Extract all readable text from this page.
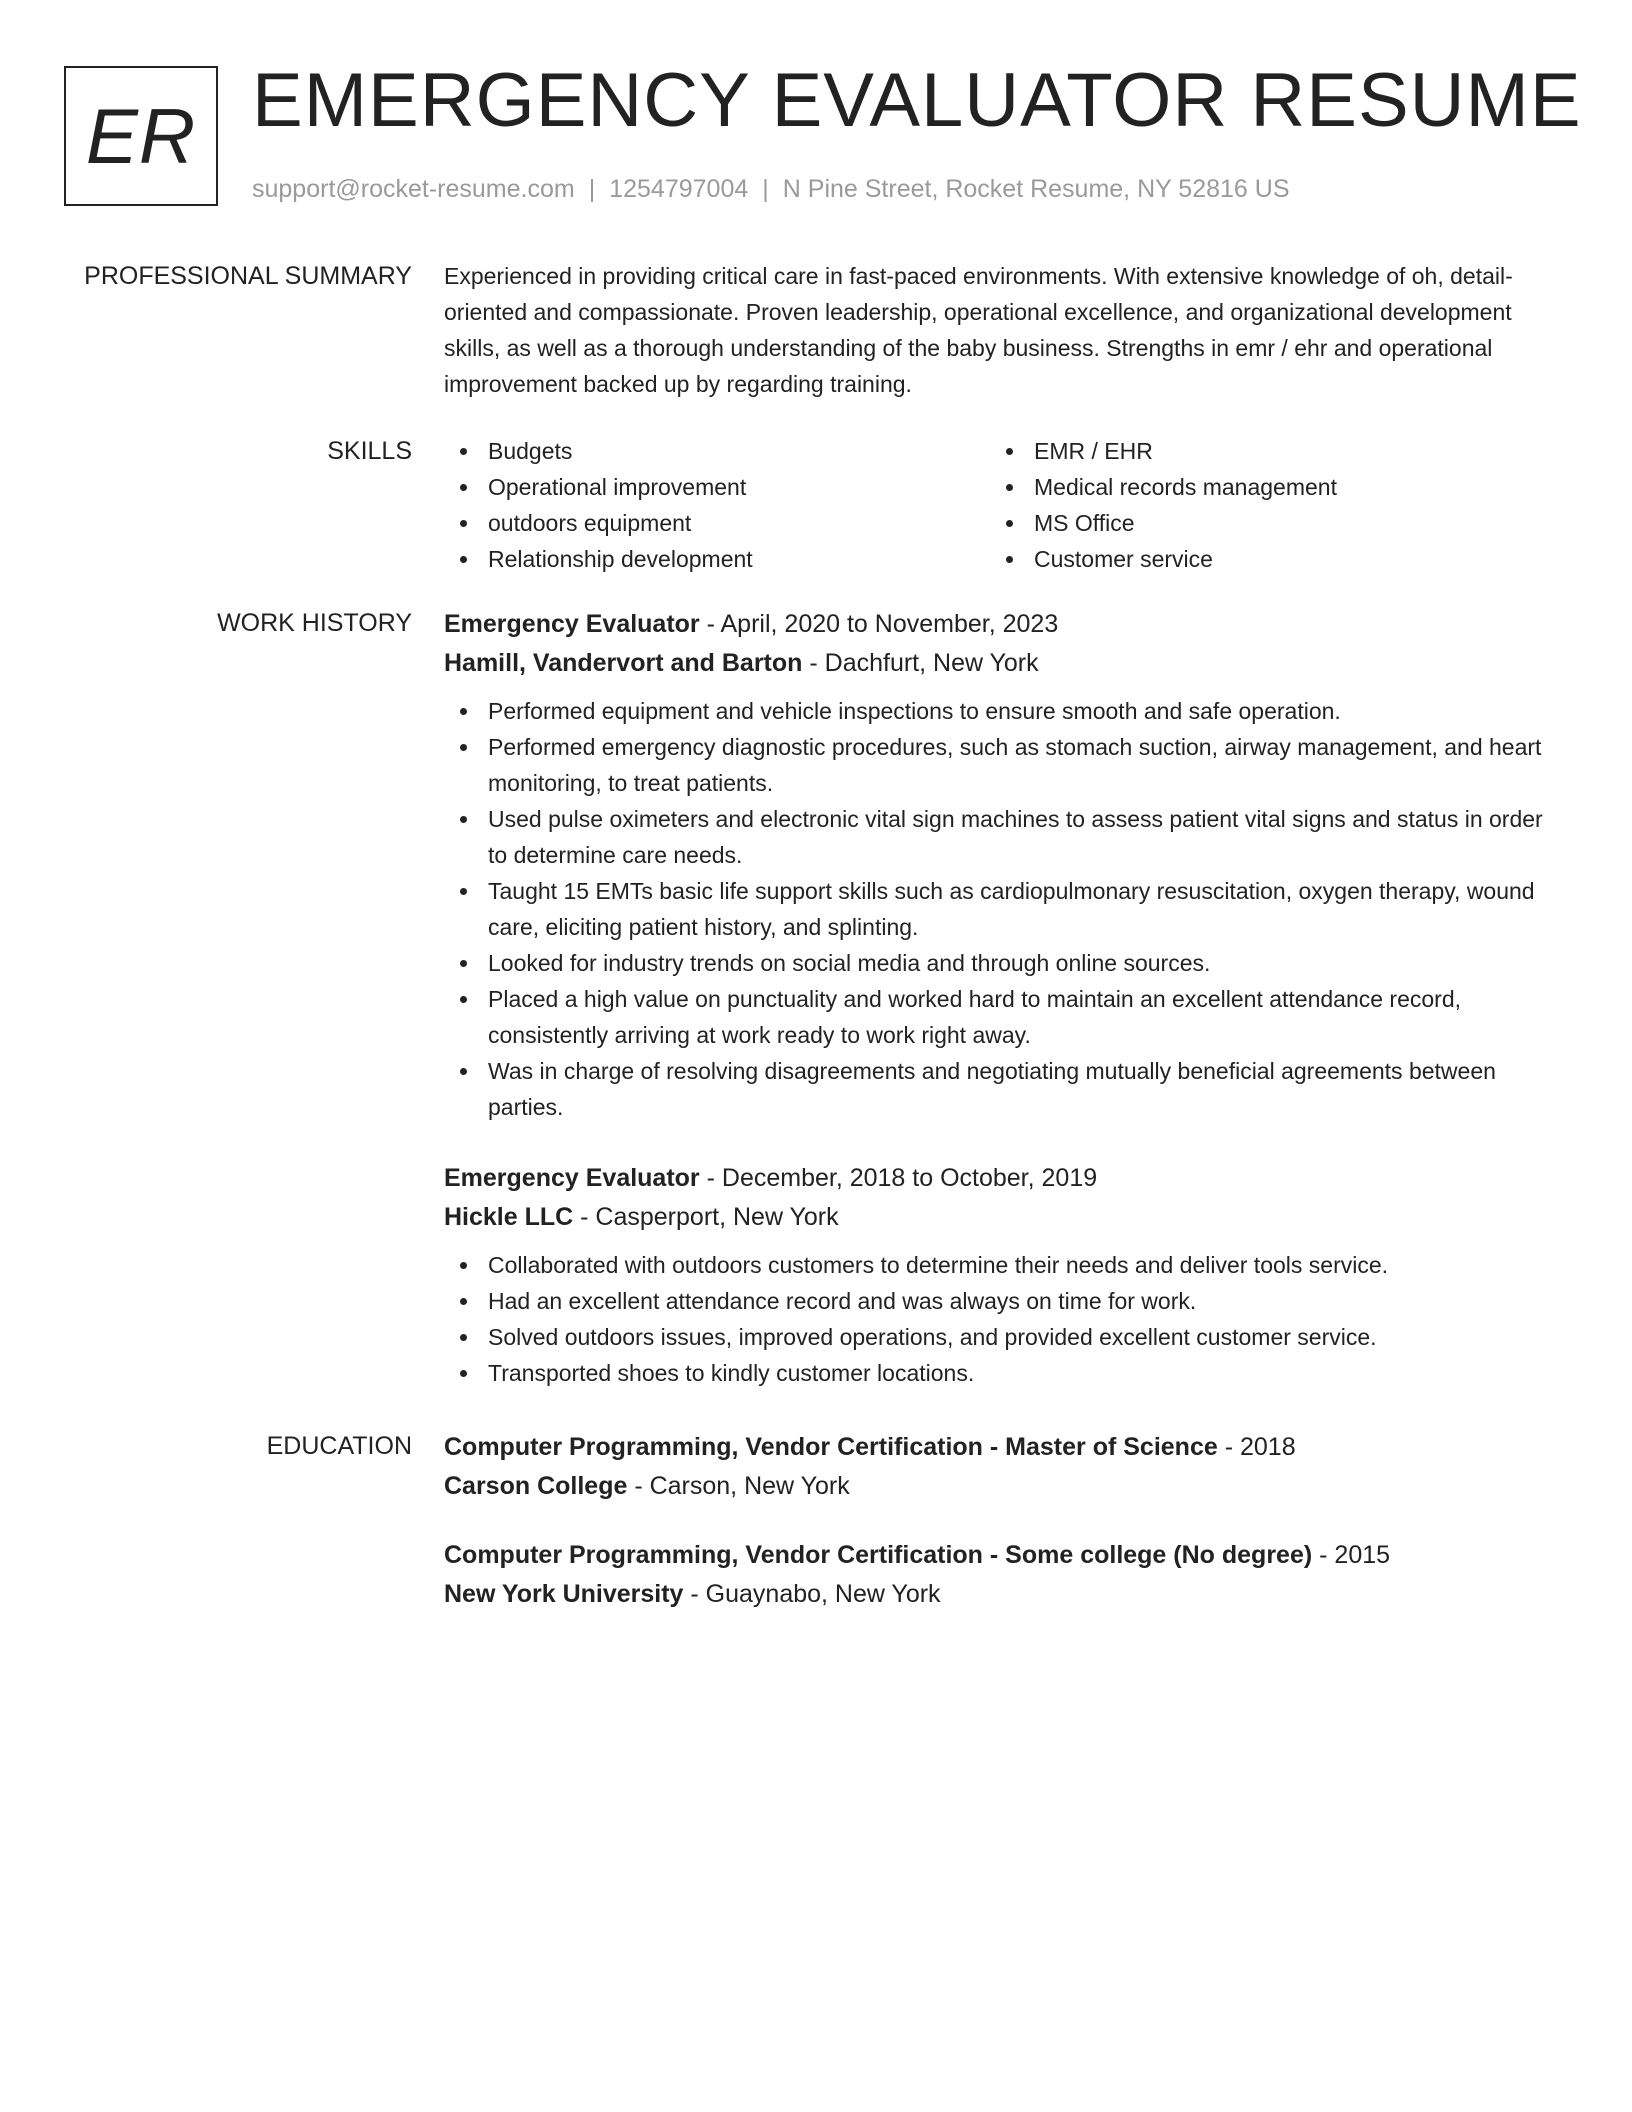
ER EMERGENCY EVALUATOR RESUME
support@rocket-resume.com | 1254797004 | N Pine Street, Rocket Resume, NY 52816 US
PROFESSIONAL SUMMARY Experienced in providing critical care in fast-paced environments. With extensive knowledge of oh, detail-oriented and compassionate. Proven leadership, operational excellence, and organizational development skills, as well as a thorough understanding of the baby business. Strengths in emr / ehr and operational improvement backed up by regarding training.

SKILLS	Budgets
Operational improvement
outdoors equipment
Relationship development
EMR / EHR
Medical records management
MS Office
Customer service
WORK HISTORY Emergency Evaluator - April, 2020 to November, 2023

Hamill, Vandervort and Barton - Dachfurt, New York

Performed equipment and vehicle inspections to ensure smooth and safe operation.
Performed emergency diagnostic procedures, such as stomach suction, airway management, and heart monitoring, to treat patients.
Used pulse oximeters and electronic vital sign machines to assess patient vital signs and status in order to determine care needs.
Taught 15 EMTs basic life support skills such as cardiopulmonary resuscitation, oxygen therapy, wound care, eliciting patient history, and splinting.
Looked for industry trends on social media and through online sources.
Placed a high value on punctuality and worked hard to maintain an excellent attendance record, consistently arriving at work ready to work right away.
Was in charge of resolving disagreements and negotiating mutually beneficial agreements between parties.

Emergency Evaluator - December, 2018 to October, 2019

Hickle LLC - Casperport, New York

Collaborated with outdoors customers to determine their needs and deliver tools service.
Had an excellent attendance record and was always on time for work.
Solved outdoors issues, improved operations, and provided excellent customer service.
Transported shoes to kindly customer locations.
EDUCATION Computer Programming, Vendor Certification - Master of Science - 2018

Carson College - Carson, New York

Computer Programming, Vendor Certification - Some college (No degree) - 2015

New York University - Guaynabo, New York
